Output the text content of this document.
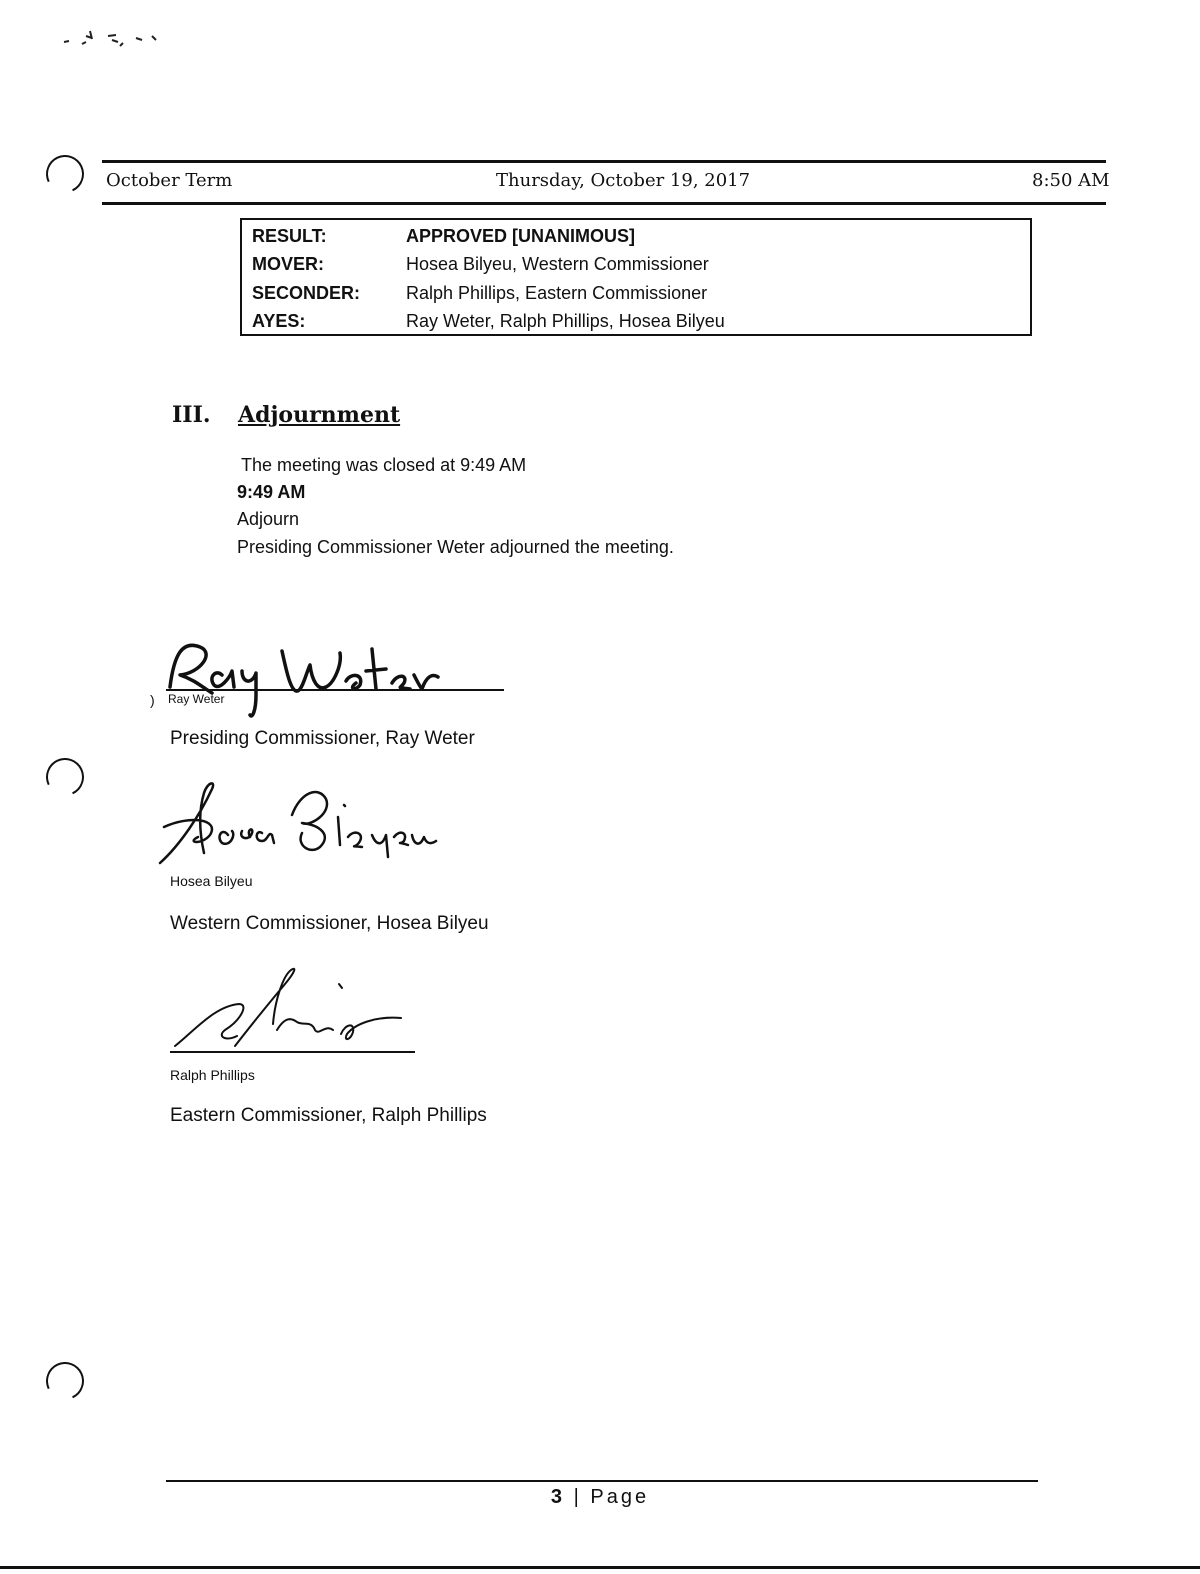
October Term	Thursday, October 19, 2017	8:50 AM
RESULT:	APPROVED [UNANIMOUS]
MOVER:	Hosea Bilyeu, Western Commissioner
SECONDER:	Ralph Phillips, Eastern Commissioner
AYES:	Ray Weter, Ralph Phillips, Hosea Bilyeu
III. Adjournment
The meeting was closed at 9:49 AM
9:49 AM
Adjourn
Presiding Commissioner Weter adjourned the meeting.
) Ray Weter
Presiding Commissioner, Ray Weter
Hosea Bilyeu
Western Commissioner, Hosea Bilyeu
Ralph Phillips
Eastern Commissioner, Ralph Phillips
3 | Page
